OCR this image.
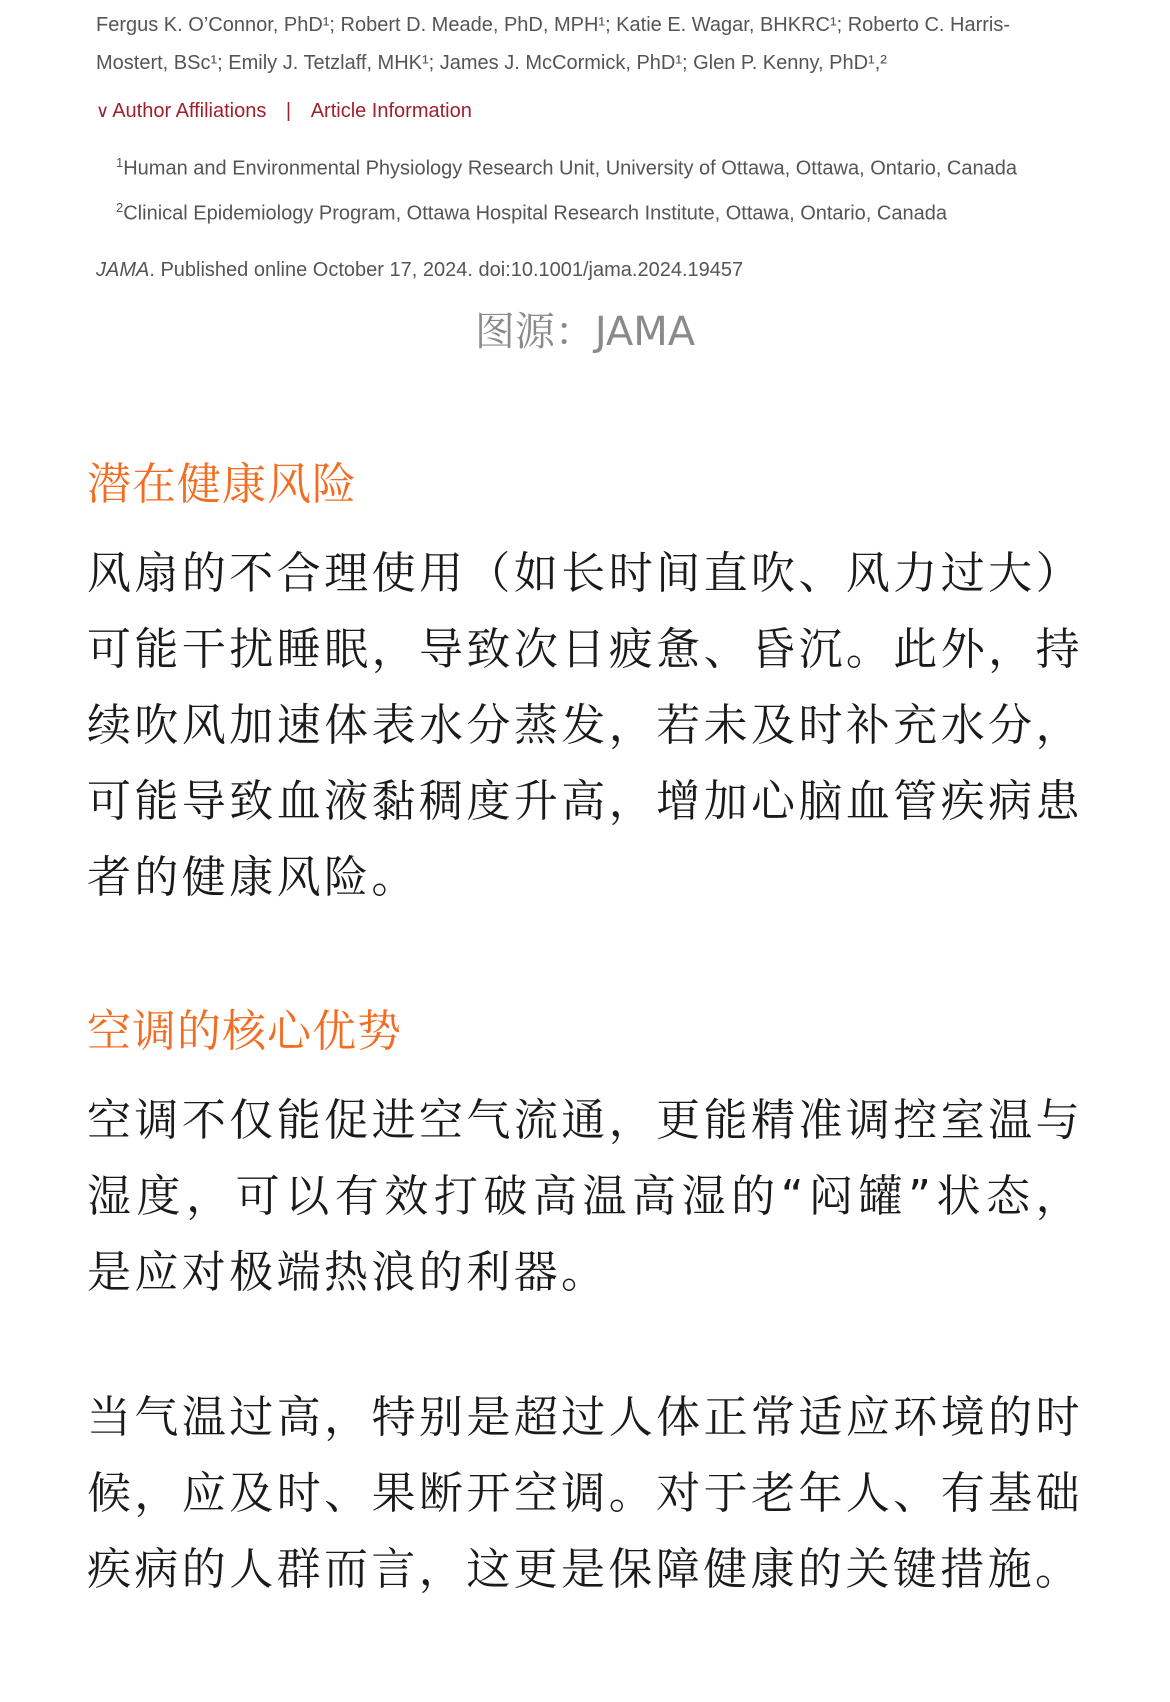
Fergus K. O’Connor, PhD¹; Robert D. Meade, PhD, MPH¹; Katie E. Wagar, BHKRC¹; Roberto C. Harris-
Mostert, BSc¹; Emily J. Tetzlaff, MHK¹; James J. McCormick, PhD¹; Glen P. Kenny, PhD¹,²
∨ Author Affiliations | Article Information
$^1$Human and Environmental Physiology Research Unit, University of Ottawa, Ottawa, Ontario, Canada
$^2$Clinical Epidemiology Program, Ottawa Hospital Research Institute, Ottawa, Ontario, Canada
JAMA. Published online October 17, 2024. doi:10.1001/jama.2024.19457
图源：JAMA
潜在健康风险
风扇的不合理使用（如长时间直吹、风力过大）可能干扰睡眠，导致次日疲惫、昏沉。此外，持续吹风加速体表水分蒸发，若未及时补充水分，可能导致血液黏稠度升高，增加心脑血管疾病患者的健康风险。
空调的核心优势
空调不仅能促进空气流通，更能精准调控室温与湿度，可以有效打破高温高湿的“闷罐”状态，是应对极端热浪的利器。
当气温过高，特别是超过人体正常适应环境的时候，应及时、果断开空调。对于老年人、有基础疾病的人群而言，这更是保障健康的关键措施。
